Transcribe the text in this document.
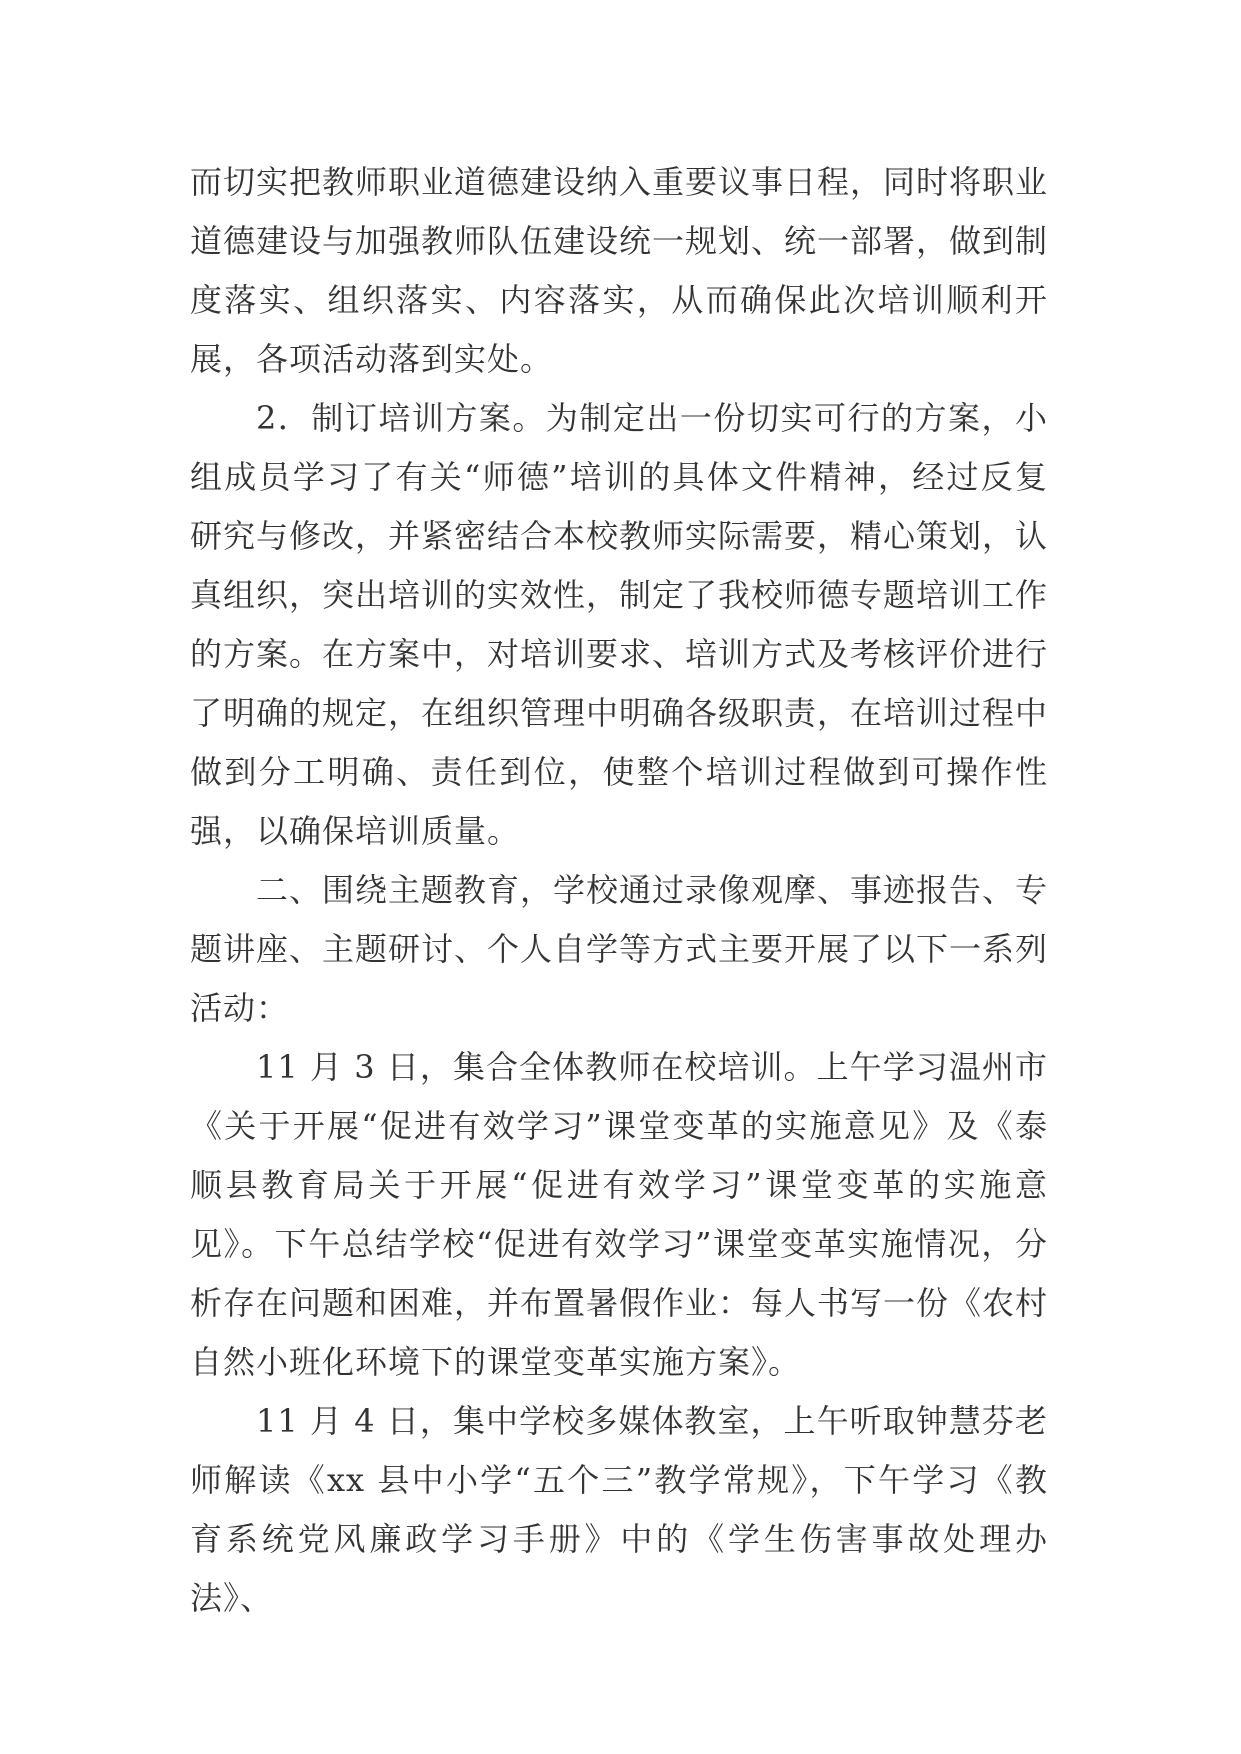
而切实把教师职业道德建设纳入重要议事日程，同时将职业道德建设与加强教师队伍建设统一规划、统一部署，做到制度落实、组织落实、内容落实，从而确保此次培训顺利开展，各项活动落到实处。

2．制订培训方案。为制定出一份切实可行的方案，小组成员学习了有关“师德”培训的具体文件精神，经过反复研究与修改，并紧密结合本校教师实际需要，精心策划，认真组织，突出培训的实效性，制定了我校师德专题培训工作的方案。在方案中，对培训要求、培训方式及考核评价进行了明确的规定，在组织管理中明确各级职责，在培训过程中做到分工明确、责任到位，使整个培训过程做到可操作性强，以确保培训质量。

二、围绕主题教育，学校通过录像观摩、事迹报告、专题讲座、主题研讨、个人自学等方式主要开展了以下一系列活动：

11 月 3 日，集合全体教师在校培训。上午学习温州市《关于开展“促进有效学习”课堂变革的实施意见》及《泰顺县教育局关于开展“促进有效学习”课堂变革的实施意见》。下午总结学校“促进有效学习”课堂变革实施情况，分析存在问题和困难，并布置暑假作业：每人书写一份《农村自然小班化环境下的课堂变革实施方案》。

11 月 4 日，集中学校多媒体教室，上午听取钟慧芬老师解读《xx 县中小学“五个三”教学常规》，下午学习《教育系统党风廉政学习手册》中的《学生伤害事故处理办法》、
